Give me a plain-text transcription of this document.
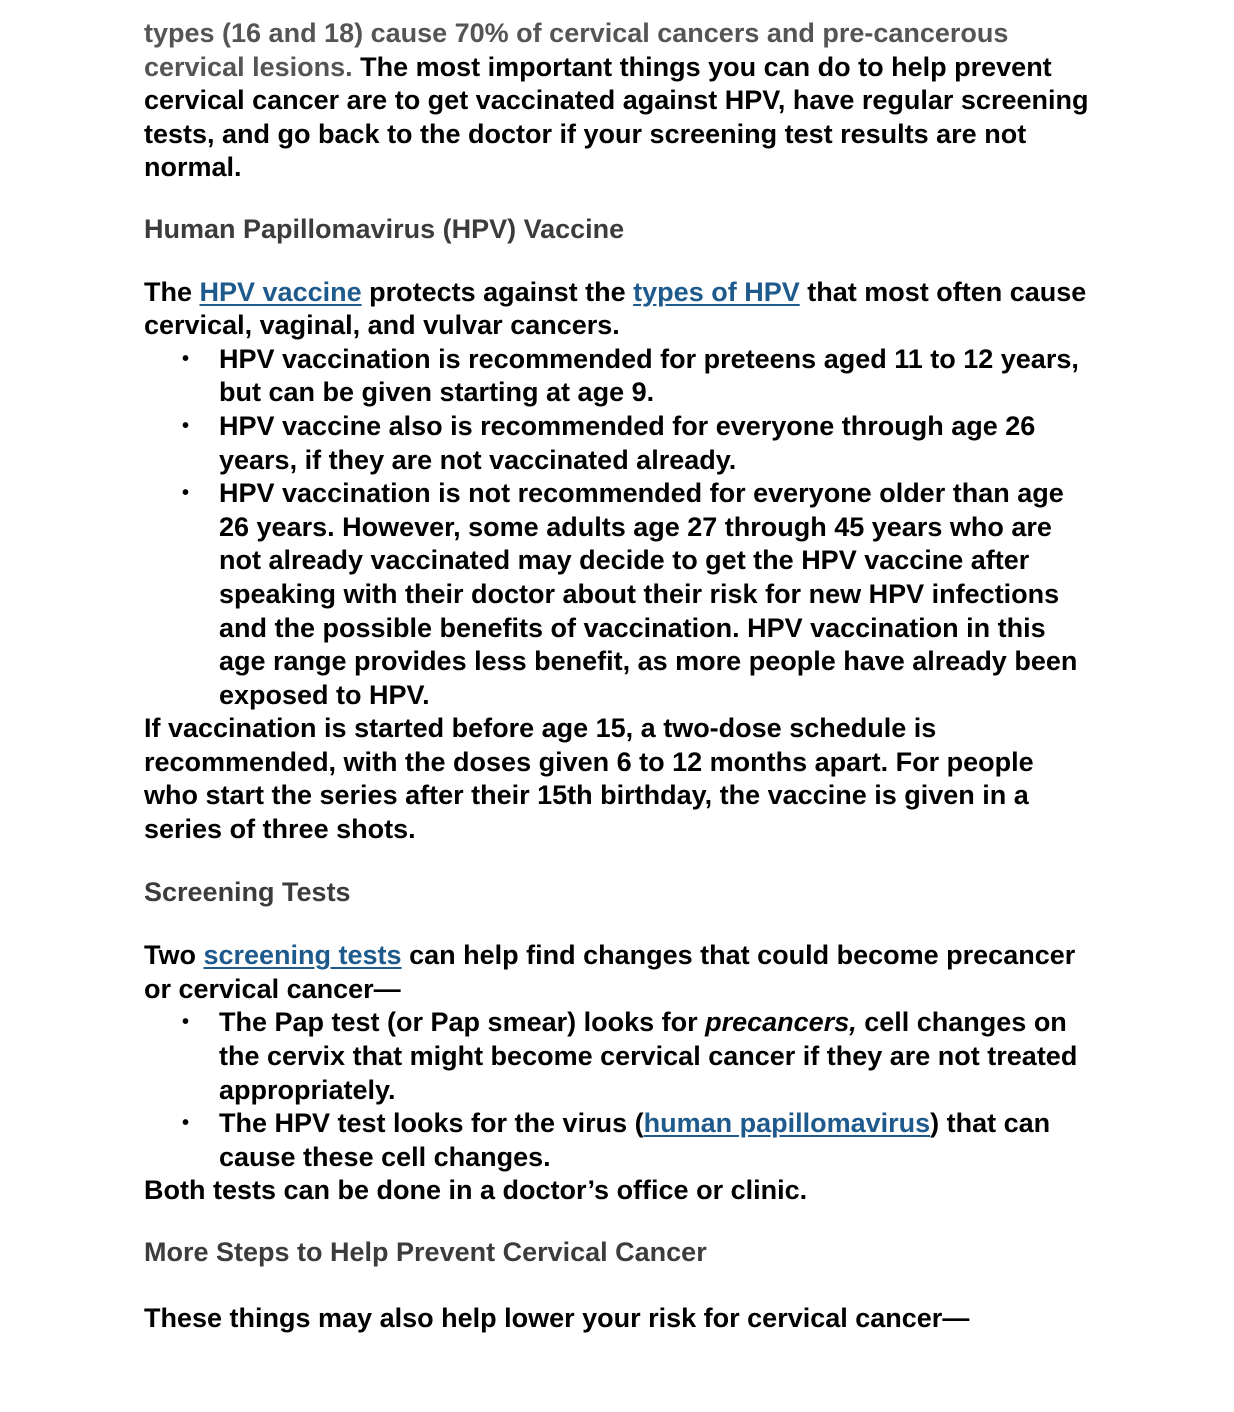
types (16 and 18) cause 70% of cervical cancers and pre-cancerous cervical lesions. The most important things you can do to help prevent cervical cancer are to get vaccinated against HPV, have regular screening tests, and go back to the doctor if your screening test results are not normal.

Human Papillomavirus (HPV) Vaccine

The HPV vaccine protects against the types of HPV that most often cause cervical, vaginal, and vulvar cancers.

• HPV vaccination is recommended for preteens aged 11 to 12 years, but can be given starting at age 9.
• HPV vaccine also is recommended for everyone through age 26 years, if they are not vaccinated already.
• HPV vaccination is not recommended for everyone older than age 26 years. However, some adults age 27 through 45 years who are not already vaccinated may decide to get the HPV vaccine after speaking with their doctor about their risk for new HPV infections and the possible benefits of vaccination. HPV vaccination in this age range provides less benefit, as more people have already been exposed to HPV.

If vaccination is started before age 15, a two-dose schedule is recommended, with the doses given 6 to 12 months apart. For people who start the series after their 15th birthday, the vaccine is given in a series of three shots.

Screening Tests

Two screening tests can help find changes that could become precancer or cervical cancer—

• The Pap test (or Pap smear) looks for precancers, cell changes on the cervix that might become cervical cancer if they are not treated appropriately.
• The HPV test looks for the virus (human papillomavirus) that can cause these cell changes.

Both tests can be done in a doctor’s office or clinic.

More Steps to Help Prevent Cervical Cancer

These things may also help lower your risk for cervical cancer—
